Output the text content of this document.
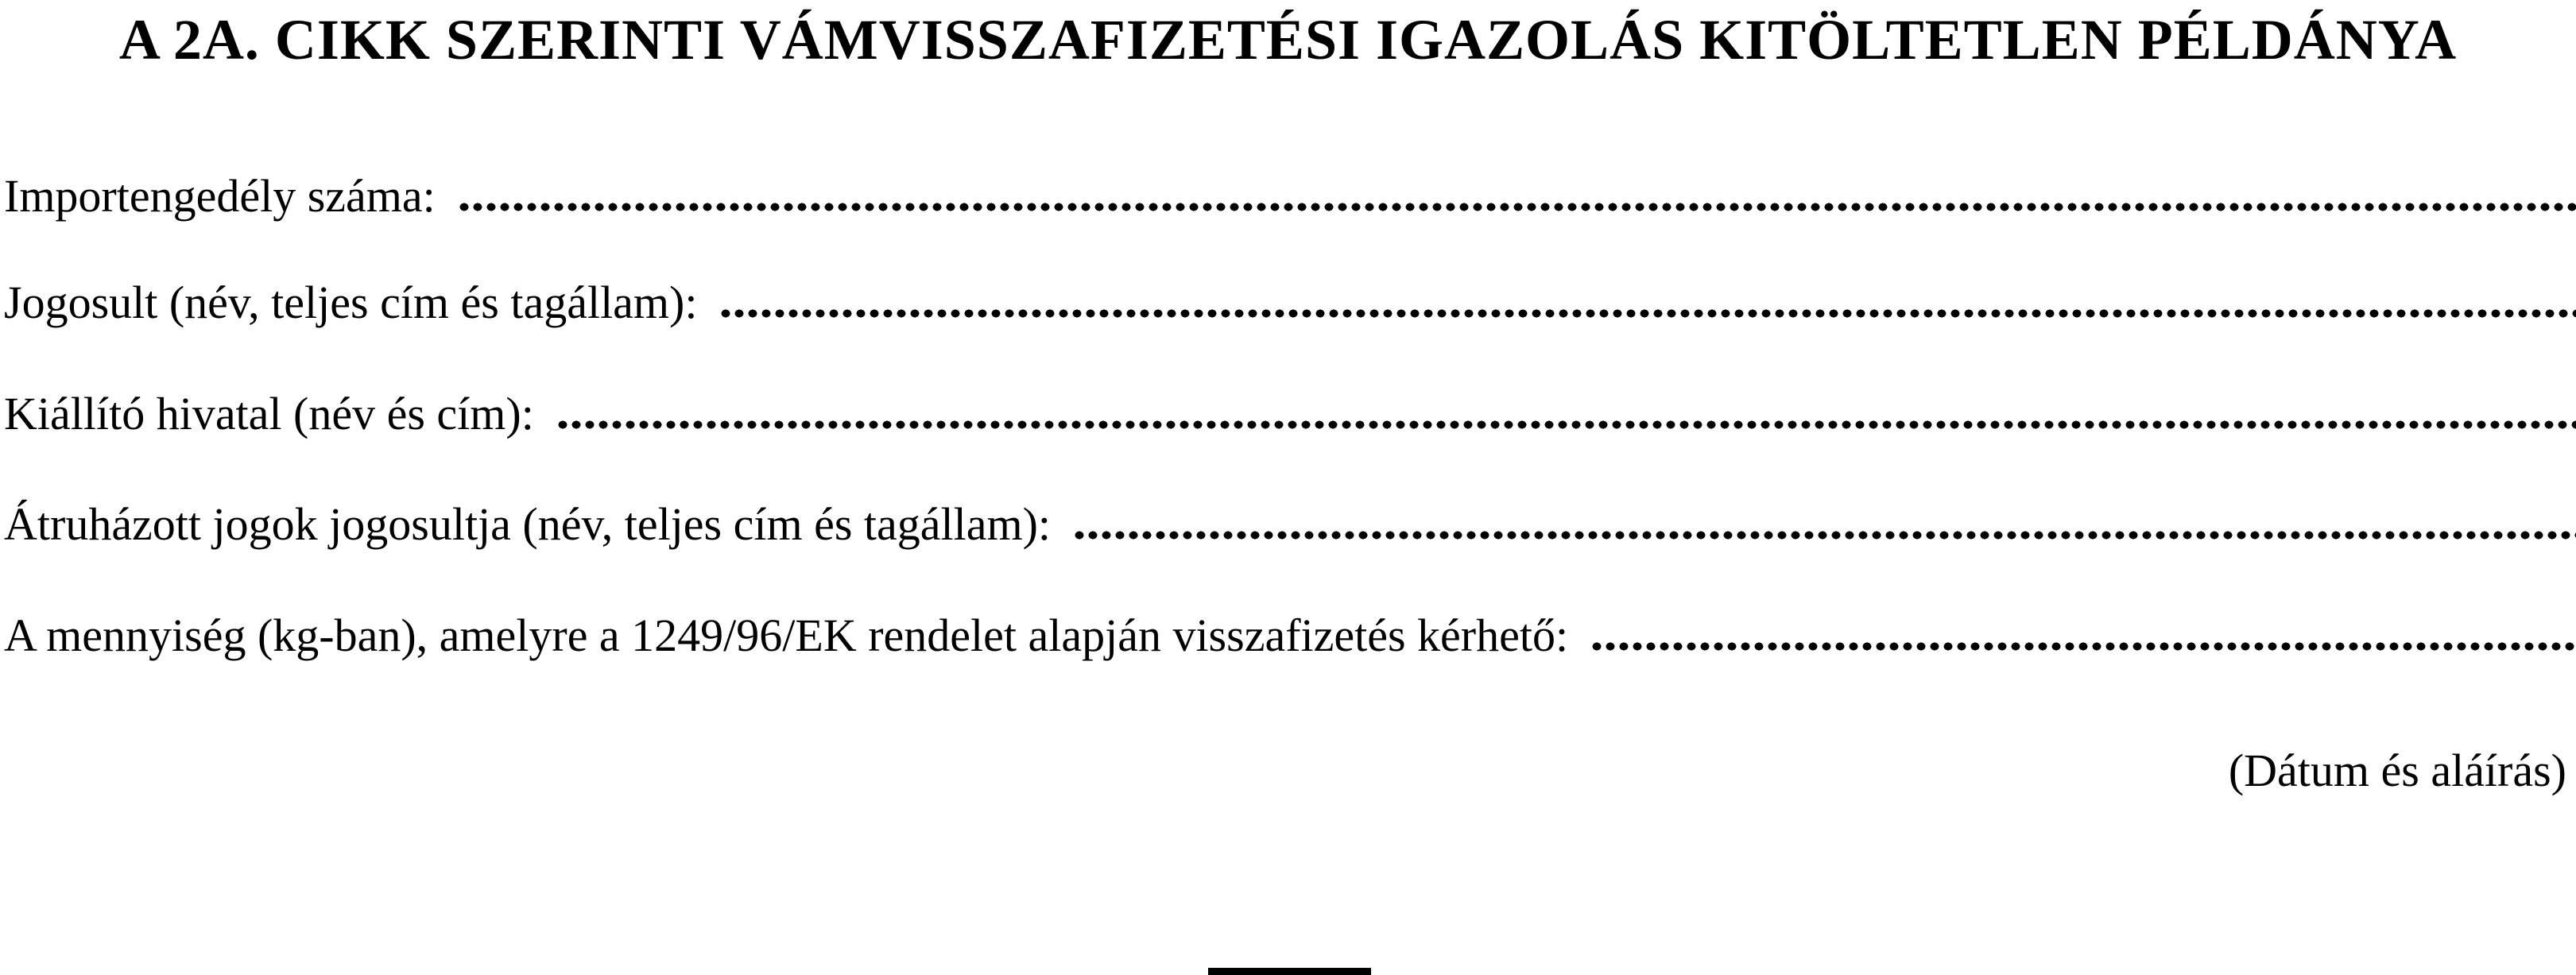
A 2A. CIKK SZERINTI VÁMVISSZAFIZETÉSI IGAZOLÁS KITÖLTETLEN PÉLDÁNYA
Importengedély száma:
Jogosult (név, teljes cím és tagállam):
Kiállító hivatal (név és cím):
Átruházott jogok jogosultja (név, teljes cím és tagállam):
A mennyiség (kg-ban), amelyre a 1249/96/EK rendelet alapján visszafizetés kérhető:
(Dátum és aláírás)
